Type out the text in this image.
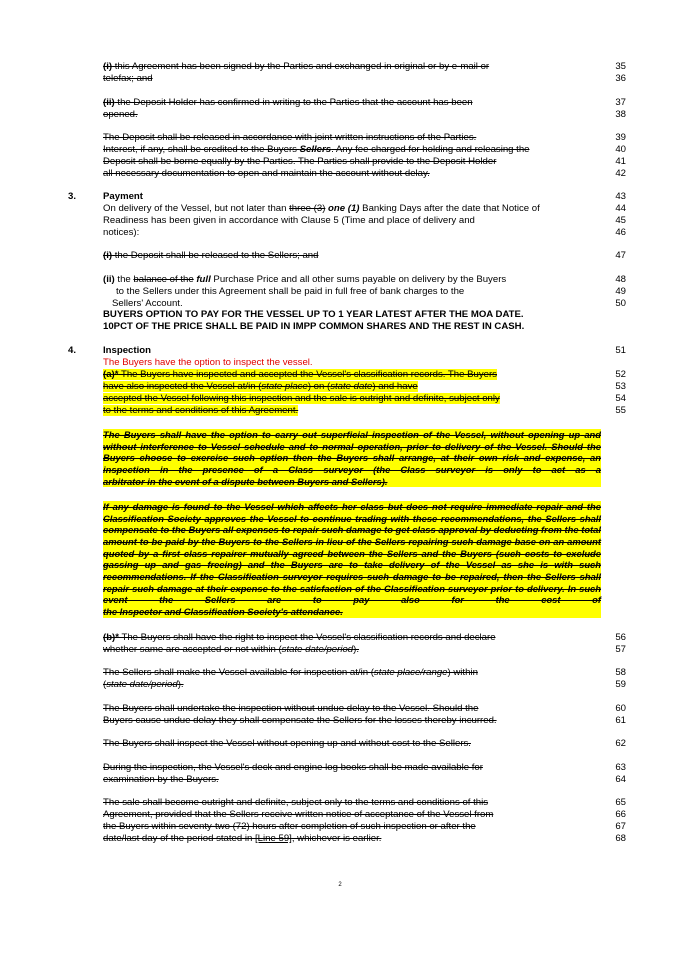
(i) this Agreement has been signed by the Parties and exchanged in original or by e-mail or
telefax; and
(ii) the Deposit Holder has confirmed in writing to the Parties that the account has been
opened.
The Deposit shall be released in accordance with joint written instructions of the Parties.
Interest, if any, shall be credited to the Buyers Sellers. Any fee charged for holding and releasing the
Deposit shall be borne equally by the Parties. The Parties shall provide to the Deposit Holder
all necessary documentation to open and maintain the account without delay.
3.	Payment
On delivery of the Vessel, but not later than three (3) one (1) Banking Days after the date that Notice of
Readiness has been given in accordance with Clause 5 (Time and place of delivery and
notices):
(i) the Deposit shall be released to the Sellers; and
(ii) the balance of the full Purchase Price and all other sums payable on delivery by the Buyers
to the Sellers under this Agreement shall be paid in full free of bank charges to the
Sellers' Account.
BUYERS OPTION TO PAY FOR THE VESSEL UP TO 1 YEAR LATEST AFTER THE MOA DATE.
10PCT OF THE PRICE SHALL BE PAID IN IMPP COMMON SHARES AND THE REST IN CASH.
4.	Inspection
The Buyers have the option to inspect the vessel.
(a)* The Buyers have inspected and accepted the Vessel's classification records. The Buyers
have also inspected the Vessel at/in (state place) on (state date) and have
accepted the Vessel following this inspection and the sale is outright and definite, subject only
to the terms and conditions of this Agreement.
The Buyers shall have the option to carry out superficial inspection of the Vessel, without opening up and without interference to Vessel schedule and to normal operation, prior to delivery of the Vessel. Should the Buyers choose to exercise such option then the Buyers shall arrange, at their own risk and expense, an inspection in the presence of a Class surveyor (the Class surveyor is only to act as a
arbitrator in the event of a dispute between Buyers and Sellers).
If any damage is found to the Vessel which affects her class but does not require immediate repair and the Classification Society approves the Vessel to continue trading with these recommendations, the Sellers shall compensate to the Buyers all expenses to repair such damage to get class approval by deducting from the total amount to be paid by the Buyers to the Sellers in lieu of the Sellers repairing such damage base on an amount quoted by a first class repairer mutually agreed between the Sellers and the Buyers (such costs to exclude gassing up and gas freeing) and the Buyers are to take delivery of the Vessel as she is with such recommendations. If the Classification surveyor requires such damage to be repaired, then the Sellers shall repair such damage at their expense to the satisfaction of the Classification surveyor prior to delivery. In such event the Sellers are to pay also for the cost of
the Inspector and Classification Society's attendance.
(b)* The Buyers shall have the right to inspect the Vessel's classification records and declare
whether same are accepted or not within (state date/period).
The Sellers shall make the Vessel available for inspection at/in (state place/range) within
(state date/period).
The Buyers shall undertake the inspection without undue delay to the Vessel. Should the
Buyers cause undue delay they shall compensate the Sellers for the losses thereby incurred.
The Buyers shall inspect the Vessel without opening up and without cost to the Sellers.
During the inspection, the Vessel's deck and engine log books shall be made available for
examination by the Buyers.
The sale shall become outright and definite, subject only to the terms and conditions of this
Agreement, provided that the Sellers receive written notice of acceptance of the Vessel from
the Buyers within seventy-two (72) hours after completion of such inspection or after the
date/last day of the period stated in [Line 59], whichever is earlier.
35
36
37
38
39
40
41
42
43
44
45
46
47
48
49
50
51
52
53
54
55
56
57
58
59
60
61
62
63
64
65
66
67
68
2
